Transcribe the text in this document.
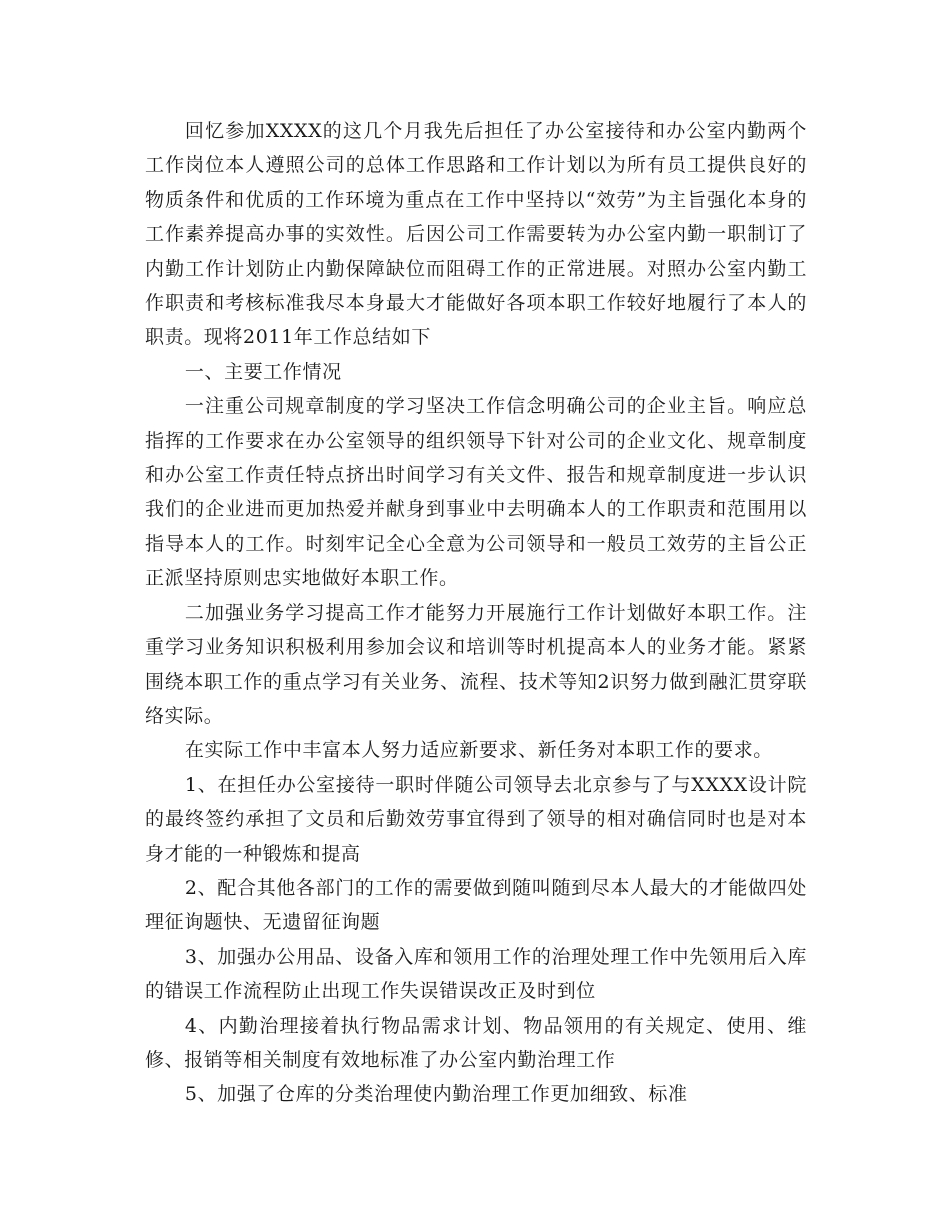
回忆参加XXXX的这几个月我先后担任了办公室接待和办公室内勤两个工作岗位本人遵照公司的总体工作思路和工作计划以为所有员工提供良好的物质条件和优质的工作环境为重点在工作中坚持以“效劳”为主旨强化本身的工作素养提高办事的实效性。后因公司工作需要转为办公室内勤一职制订了内勤工作计划防止内勤保障缺位而阻碍工作的正常进展。对照办公室内勤工作职责和考核标准我尽本身最大才能做好各项本职工作较好地履行了本人的职责。现将2011年工作总结如下

一、主要工作情况

一注重公司规章制度的学习坚决工作信念明确公司的企业主旨。响应总指挥的工作要求在办公室领导的组织领导下针对公司的企业文化、规章制度和办公室工作责任特点挤出时间学习有关文件、报告和规章制度进一步认识我们的企业进而更加热爱并献身到事业中去明确本人的工作职责和范围用以指导本人的工作。时刻牢记全心全意为公司领导和一般员工效劳的主旨公正正派坚持原则忠实地做好本职工作。

二加强业务学习提高工作才能努力开展施行工作计划做好本职工作。注重学习业务知识积极利用参加会议和培训等时机提高本人的业务才能。紧紧围绕本职工作的重点学习有关业务、流程、技术等知2识努力做到融汇贯穿联络实际。

在实际工作中丰富本人努力适应新要求、新任务对本职工作的要求。

1、在担任办公室接待一职时伴随公司领导去北京参与了与XXXX设计院的最终签约承担了文员和后勤效劳事宜得到了领导的相对确信同时也是对本身才能的一种锻炼和提高

2、配合其他各部门的工作的需要做到随叫随到尽本人最大的才能做四处理征询题快、无遗留征询题

3、加强办公用品、设备入库和领用工作的治理处理工作中先领用后入库的错误工作流程防止出现工作失误错误改正及时到位

4、内勤治理接着执行物品需求计划、物品领用的有关规定、使用、维修、报销等相关制度有效地标准了办公室内勤治理工作

5、加强了仓库的分类治理使内勤治理工作更加细致、标准
